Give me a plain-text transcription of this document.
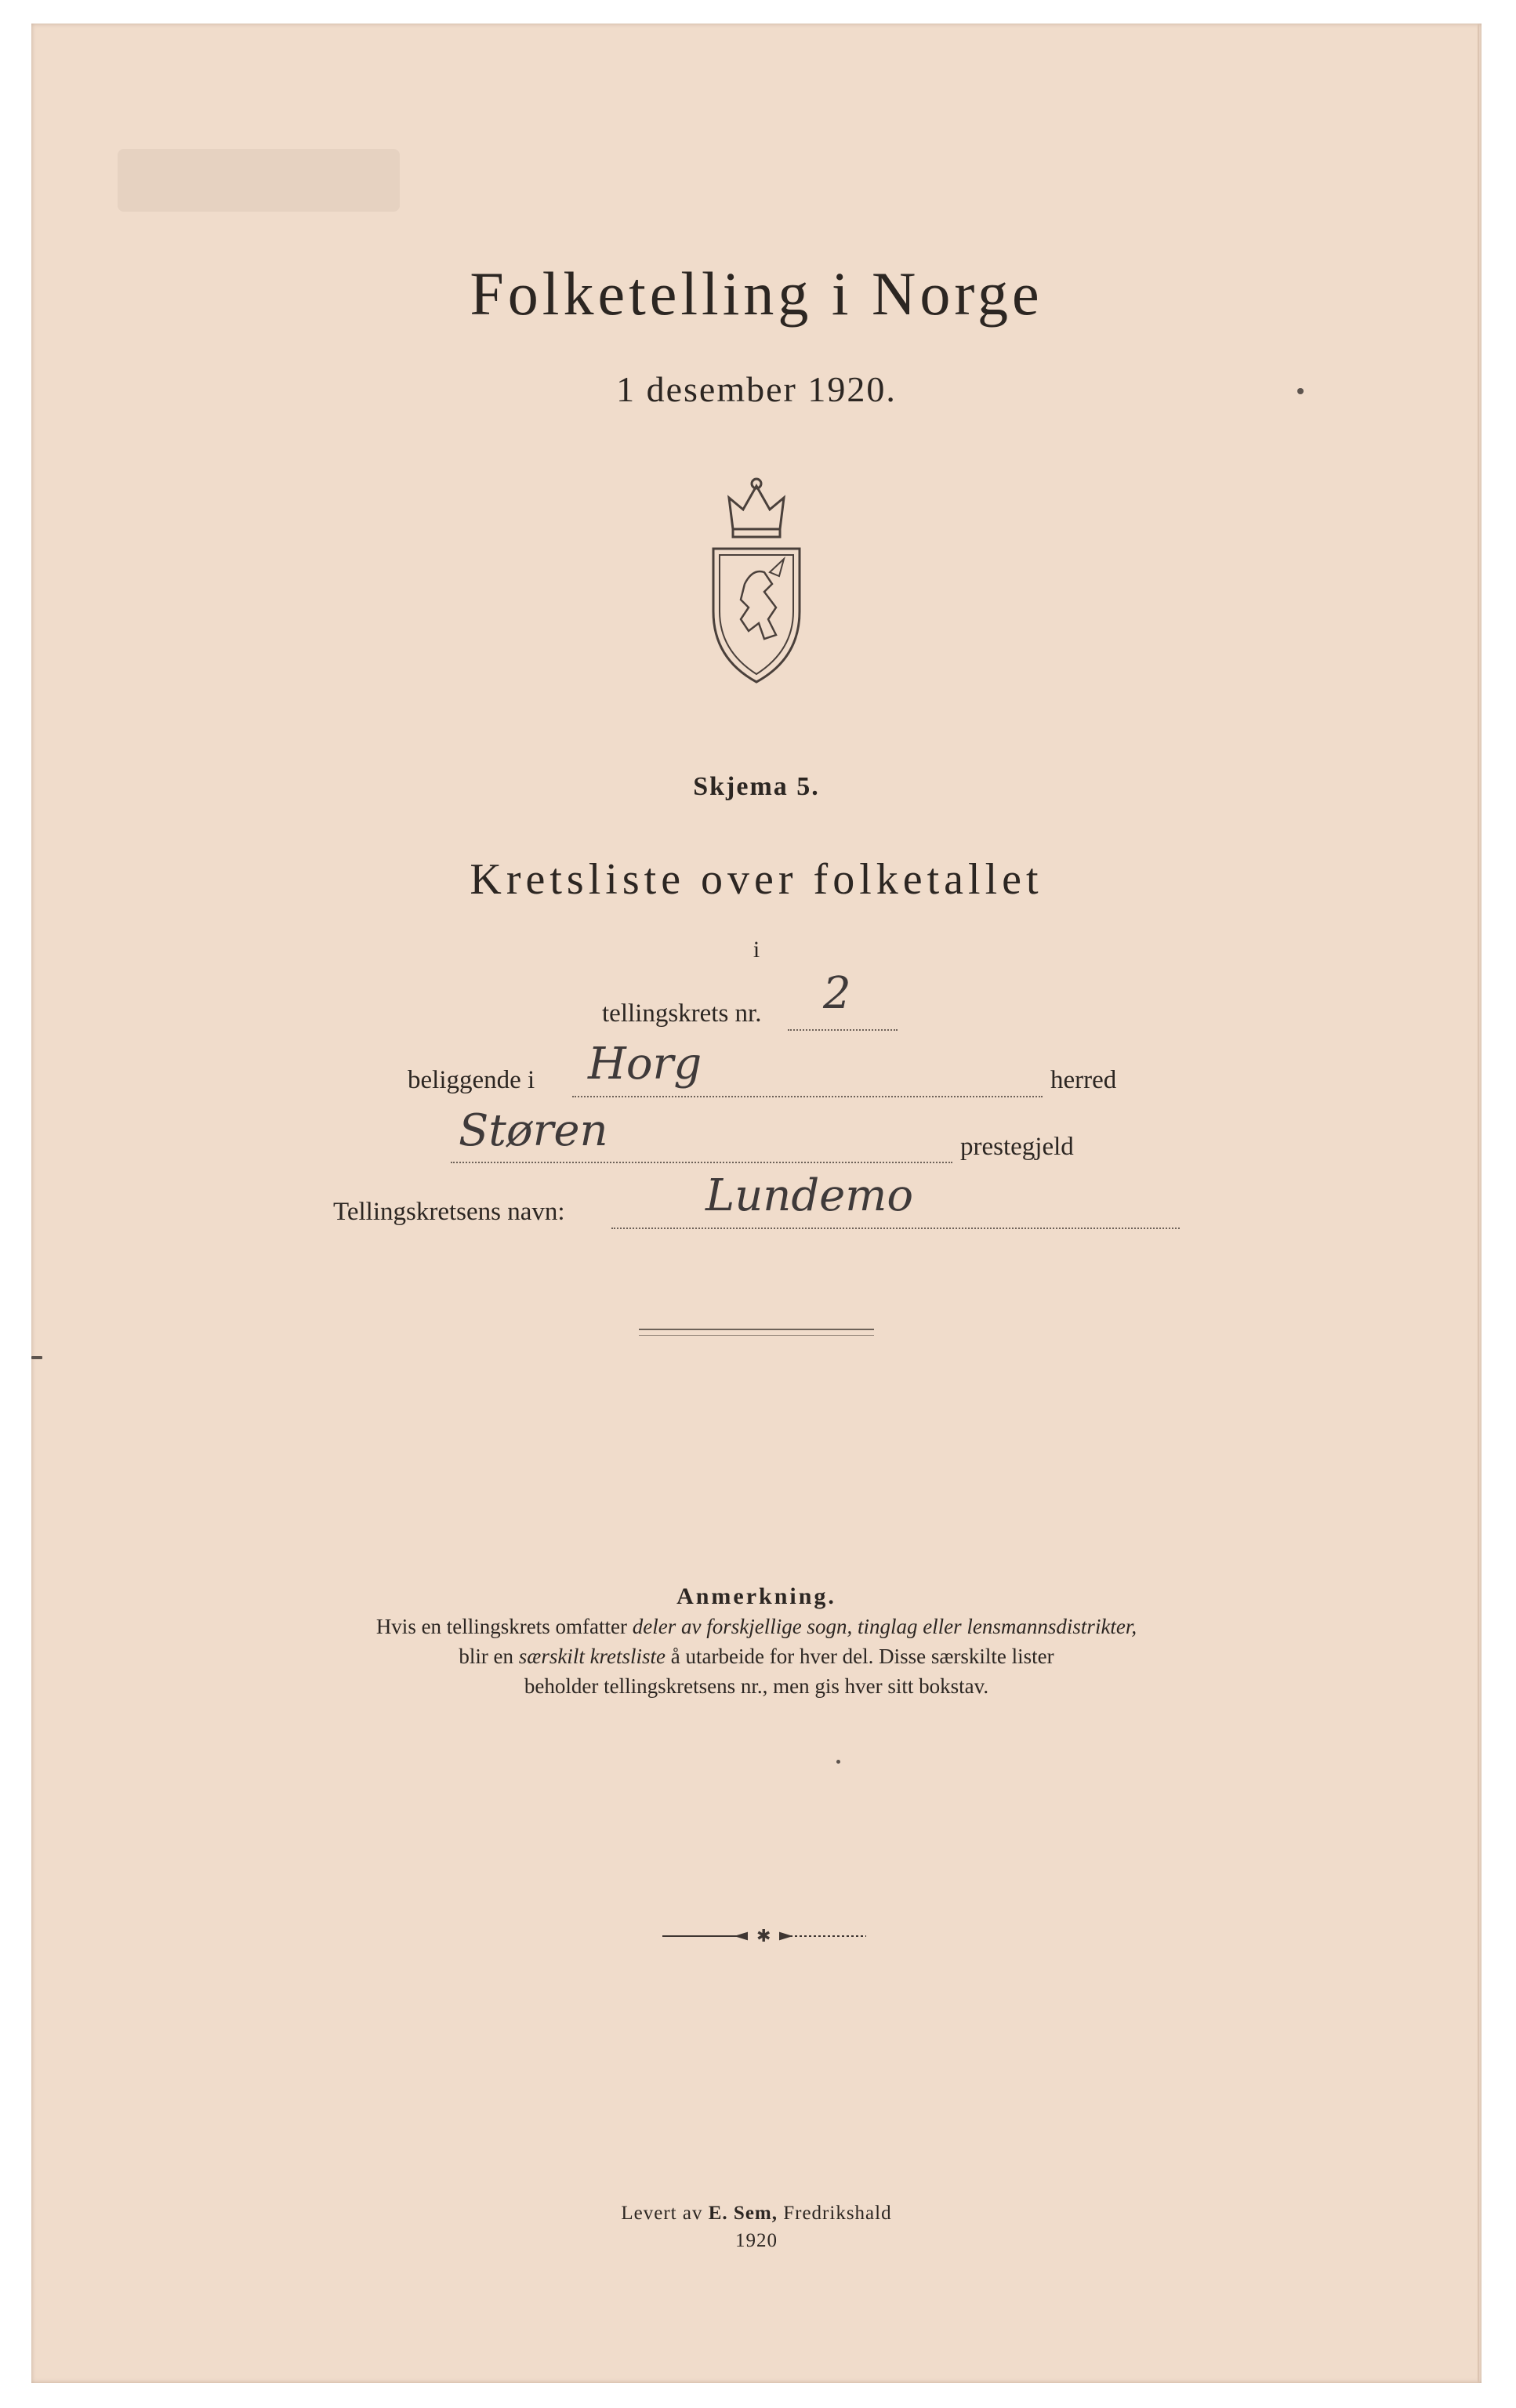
Folketelling i Norge
1 desember 1920.
Skjema 5.
Kretsliste over folketallet
i
tellingskrets nr. 2
beliggende i Horg	herred
Støren	prestegjeld
Tellingskretsens navn:	Lundemo
Anmerkning.
Hvis en tellingskrets omfatter deler av forskjellige sogn, tinglag eller lensmannsdistrikter,
blir en særskilt kretsliste å utarbeide for hver del. Disse særskilte lister
beholder tellingskretsens nr., men gis hver sitt bokstav.
✱
Levert av E. Sem, Fredrikshald
1920
